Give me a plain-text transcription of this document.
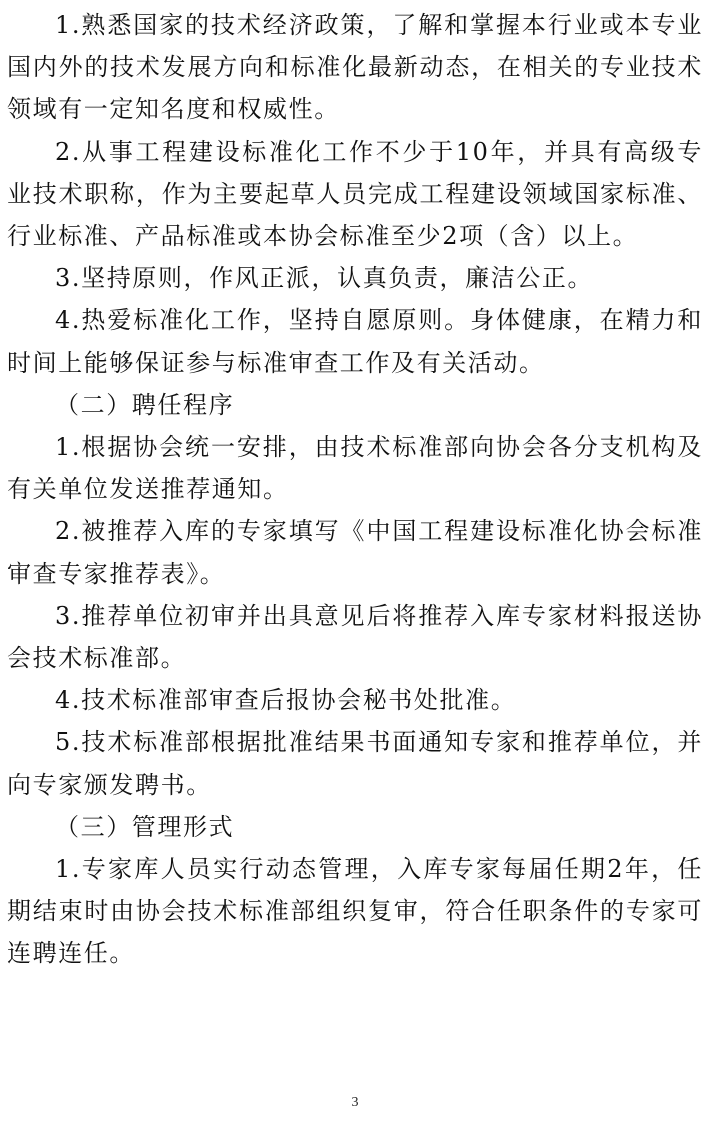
1.熟悉国家的技术经济政策，了解和掌握本行业或本专业国内外的技术发展方向和标准化最新动态，在相关的专业技术领域有一定知名度和权威性。

2.从事工程建设标准化工作不少于10年，并具有高级专业技术职称，作为主要起草人员完成工程建设领域国家标准、行业标准、产品标准或本协会标准至少2项（含）以上。

3.坚持原则，作风正派，认真负责，廉洁公正。

4.热爱标准化工作，坚持自愿原则。身体健康，在精力和时间上能够保证参与标准审查工作及有关活动。

（二）聘任程序

1.根据协会统一安排，由技术标准部向协会各分支机构及有关单位发送推荐通知。

2.被推荐入库的专家填写《中国工程建设标准化协会标准审查专家推荐表》。

3.推荐单位初审并出具意见后将推荐入库专家材料报送协会技术标准部。

4.技术标准部审查后报协会秘书处批准。

5.技术标准部根据批准结果书面通知专家和推荐单位，并向专家颁发聘书。

（三）管理形式

1.专家库人员实行动态管理，入库专家每届任期2年，任期结束时由协会技术标准部组织复审，符合任职条件的专家可连聘连任。

3
